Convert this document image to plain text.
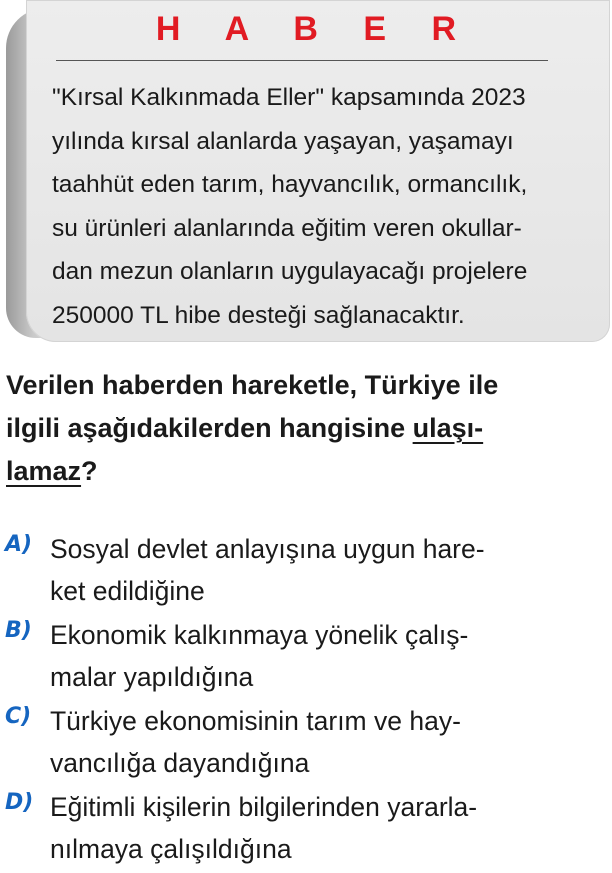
H A B E R
"Kırsal Kalkınmada Eller" kapsamında 2023
yılında kırsal alanlarda yaşayan, yaşamayı
taahhüt eden tarım, hayvancılık, ormancılık,
su ürünleri alanlarında eğitim veren okullar-
dan mezun olanların uygulayacağı projelere
250000 TL hibe desteği sağlanacaktır.
Verilen haberden hareketle, Türkiye ile
ilgili aşağıdakilerden hangisine ulaşı-
lamaz?
A) Sosyal devlet anlayışına uygun hare-
ket edildiğine
B) Ekonomik kalkınmaya yönelik çalış-
malar yapıldığına
C) Türkiye ekonomisinin tarım ve hay-
vancılığa dayandığına
D) Eğitimli kişilerin bilgilerinden yararla-
nılmaya çalışıldığına
